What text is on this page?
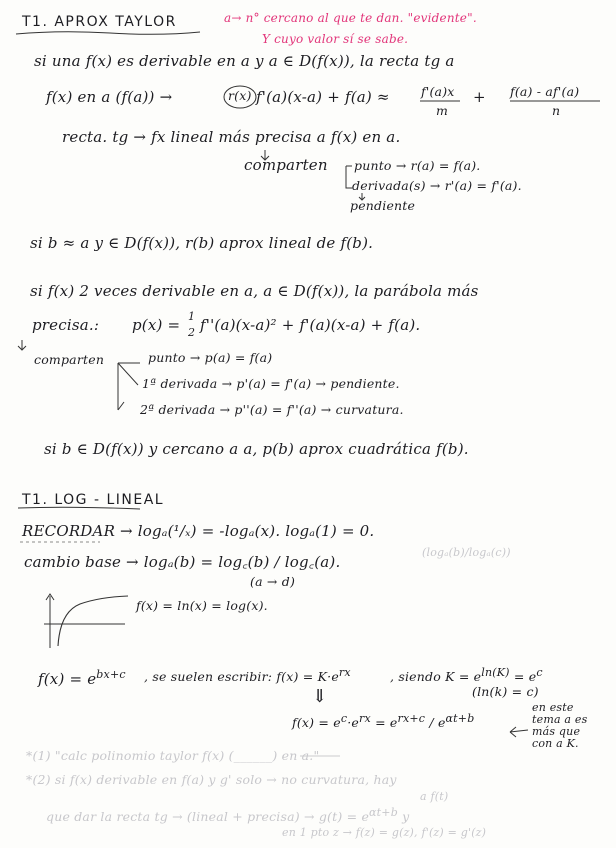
T1. APROX TAYLOR	a→ n° cercano al que te dan. "evidente".
Y cuyo valor sí se sabe.
si una f(x) es derivable en a y a ∈ D(f(x)), la recta tg a
f(x) en a (f(a)) →	r(x) f'(a)(x-a) + f(a) ≈	f'(a)x + f(a) - af'(a)
m	n
recta. tg → fx lineal más precisa a f(x) en a.
comparten punto → r(a) = f(a).
derivada(s) → r'(a) = f'(a).
pendiente
si b ≈ a y ∈ D(f(x)), r(b) aprox lineal de f(b).
si f(x) 2 veces derivable en a, a ∈ D(f(x)), la parábola más
precisa.: p(x) = 1
2 f''(a)(x-a)² + f'(a)(x-a) + f(a).
comparten	punto → p(a) = f(a)
1ª derivada → p'(a) = f'(a) → pendiente.
2ª derivada → p''(a) = f''(a) → curvatura.
si b ∈ D(f(x)) y cercano a a, p(b) aprox cuadrática f(b).
T1. LOG - LINEAL
RECORDAR → logₐ(¹/ₓ) = -logₐ(x). logₐ(1) = 0.
cambio base → logₐ(b) = log꜀(b) / log꜀(a).
(logₐ(b)/logₐ(c))
(a → d)
f(x) = ln(x) = log(x).
$f(x) = e^{bx+c}$ , se suelen escribir: $f(x) = K\cdot e^{rx}$	, siendo $K = e^{ln(K)} = e^c$
(ln(k) = c)
⇓
$f(x) = e^c\cdot e^{rx} = e^{rx+c} / e^{\alpha t+b}$
en este
tema a es
más que
con a K.
*(1) "calc polinomio taylor f(x) (______) en a."
*(2) si f(x) derivable en f(a) y g' solo → no curvatura, hay
a f(t)
que dar la recta tg → (lineal + precisa) → $g(t) = e^{\alpha t+b}$ y
en 1 pto z → f(z) = g(z), f'(z) = g'(z)
